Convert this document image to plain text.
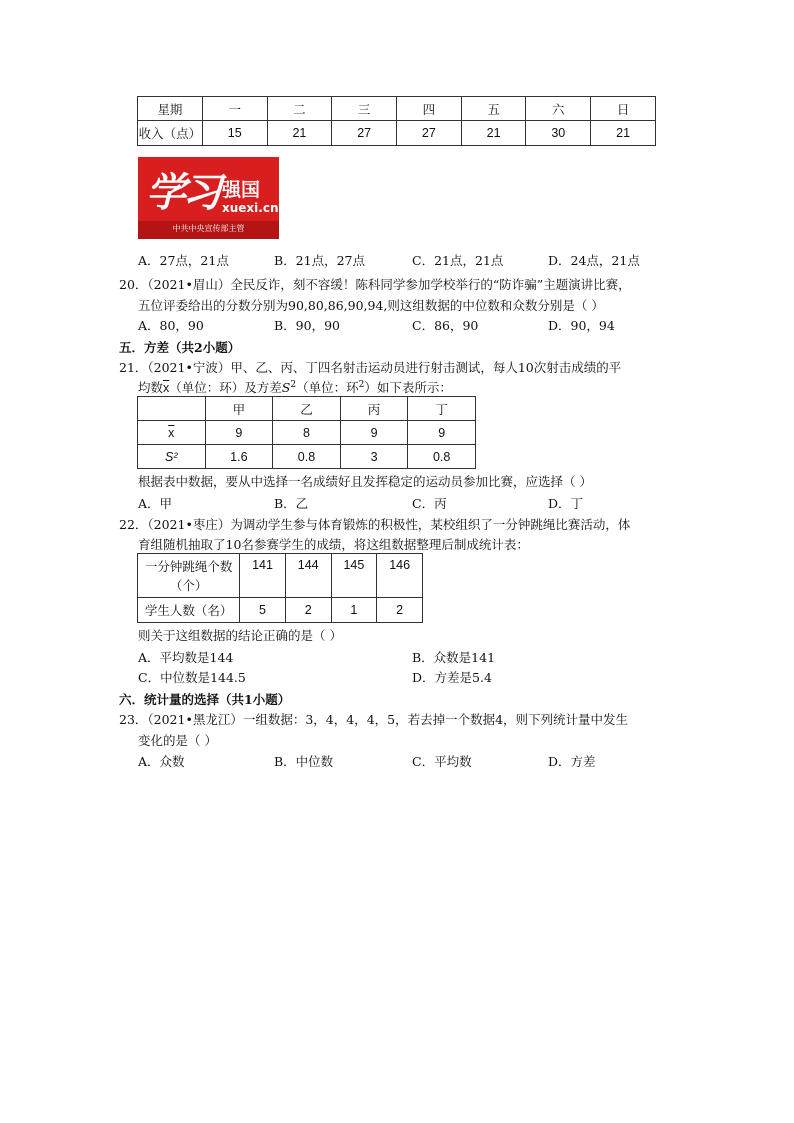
星期	一	二	三	四	五	六	日
收入（点）	15	21	27	27	21	30	21
学习 强国
xuexi.cn
中共中央宣传部主管
A．27点，21点	B．21点，27点	C．21点，21点	D．24点，21点
20．（2021•眉山）全民反诈，刻不容缓！陈科同学参加学校举行的“防诈骗”主题演讲比赛，
五位评委给出的分数分别为90,80,86,90,94,则这组数据的中位数和众数分别是（ ）
A．80，90	B．90，90	C．86，90	D．90，94
五．方差（共2小题）
21．（2021•宁波）甲、乙、丙、丁四名射击运动员进行射击测试，每人10次射击成绩的平
均数$\overline{x}$（单位：环）及方差$S^2$（单位：环$^2$）如下表所示：
	甲	乙	丙	丁
$\overline{x}$	9	8	9	9
S²	1.6	0.8	3	0.8
根据表中数据，要从中选择一名成绩好且发挥稳定的运动员参加比赛，应选择（ ）
A．甲	B．乙	C．丙	D．丁
22．（2021•枣庄）为调动学生参与体育锻炼的积极性，某校组织了一分钟跳绳比赛活动，体
育组随机抽取了10名参赛学生的成绩，将这组数据整理后制成统计表：
一分钟跳绳个数
（个）	141	144	145	146
学生人数（名）	5	2	1	2
则关于这组数据的结论正确的是（ ）
A．平均数是144	B．众数是141
C．中位数是144.5	D．方差是5.4
六．统计量的选择（共1小题）
23．（2021•黑龙江）一组数据：3，4，4，4，5，若去掉一个数据4，则下列统计量中发生
变化的是（ ）
A．众数	B．中位数	C．平均数	D．方差
